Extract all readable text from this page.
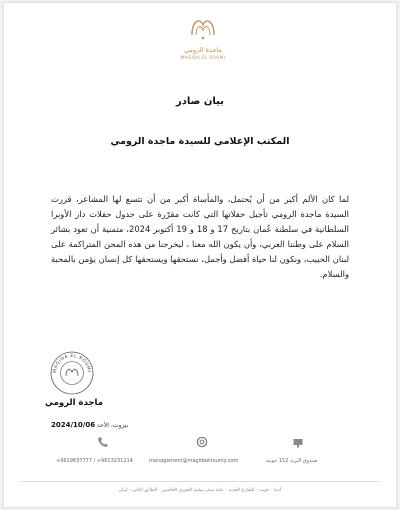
ماجدة الرومي
MAGIDA EL ROUMI
بيان صادر
المكتب الإعلامي للسيدة ماجدة الرومي

لما كان الألم أكبر من أن يُحتمل، والمأساة أكبر من أن تتسع لها المشاعر، قررت السيدة ماجدة الرومي تأجيل حفلاتها التي كانت مقرّرة على جدول حفلات دار الأوبرا السلطانية في سلطنة عُمان بتاريخ 17 و 18 و 19 أكتوبر 2024، متمنية أن تعود بشائر السلام على وطننا العربي، وأن يكون الله معنا ، ليخرجنا من هذه المحن المتراكمة على لبنان الحبيب، ونكون لنا حياة أفضل وأجمل، نستحقها ويستحقها كل إنسان يؤمن بالمحبة والسلام.

MAGIDA EL ROUMI
ماجدة الرومي
بيروت، الأحد 2024/10/06
+9619637777 / +9613231214	management@magidaelroumy.com	صندوق البريد 152 جونيه
أدما - جونيه - الشارع الجديد - بناية سنتر سليم الخوري الخامس - الطابق الثاني - لبنان
